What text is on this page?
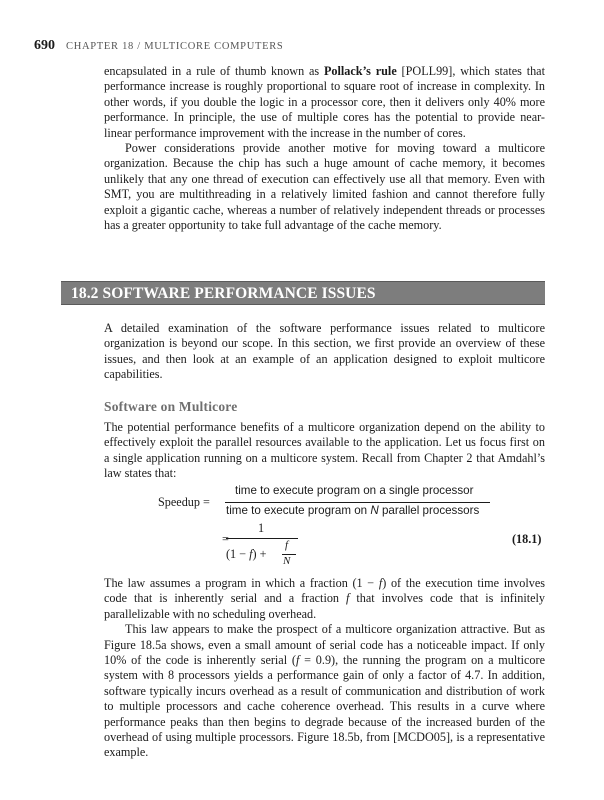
690 CHAPTER 18 / MULTICORE COMPUTERS

encapsulated in a rule of thumb known as Pollack’s rule [POLL99], which states that performance increase is roughly proportional to square root of increase in complexity. In other words, if you double the logic in a processor core, then it delivers only 40% more performance. In principle, the use of multiple cores has the potential to provide near-linear performance improvement with the increase in the number of cores.

Power considerations provide another motive for moving toward a multicore organization. Because the chip has such a huge amount of cache memory, it becomes unlikely that any one thread of execution can effectively use all that memory. Even with SMT, you are multithreading in a relatively limited fashion and cannot therefore fully exploit a gigantic cache, whereas a number of relatively independent threads or processes has a greater opportunity to take full advantage of the cache memory.

18.2 SOFTWARE PERFORMANCE ISSUES

A detailed examination of the software performance issues related to multicore organization is beyond our scope. In this section, we first provide an overview of these issues, and then look at an example of an application designed to exploit multicore capabilities.

Software on Multicore

The potential performance benefits of a multicore organization depend on the ability to effectively exploit the parallel resources available to the application. Let us focus first on a single application running on a multicore system. Recall from Chapter 2 that Amdahl’s law states that:

Speedup =
time to execute program on a single processor
time to execute program on N parallel processors
=
1
(1 − f) +
f
N
(18.1)

The law assumes a program in which a fraction (1 − f) of the execution time involves code that is inherently serial and a fraction f that involves code that is infinitely parallelizable with no scheduling overhead.

This law appears to make the prospect of a multicore organization attractive. But as Figure 18.5a shows, even a small amount of serial code has a noticeable impact. If only 10% of the code is inherently serial (f = 0.9), the running the program on a multicore system with 8 processors yields a performance gain of only a factor of 4.7. In addition, software typically incurs overhead as a result of communication and distribution of work to multiple processors and cache coherence overhead. This results in a curve where performance peaks than then begins to degrade because of the increased burden of the overhead of using multiple processors. Figure 18.5b, from [MCDO05], is a representative example.
